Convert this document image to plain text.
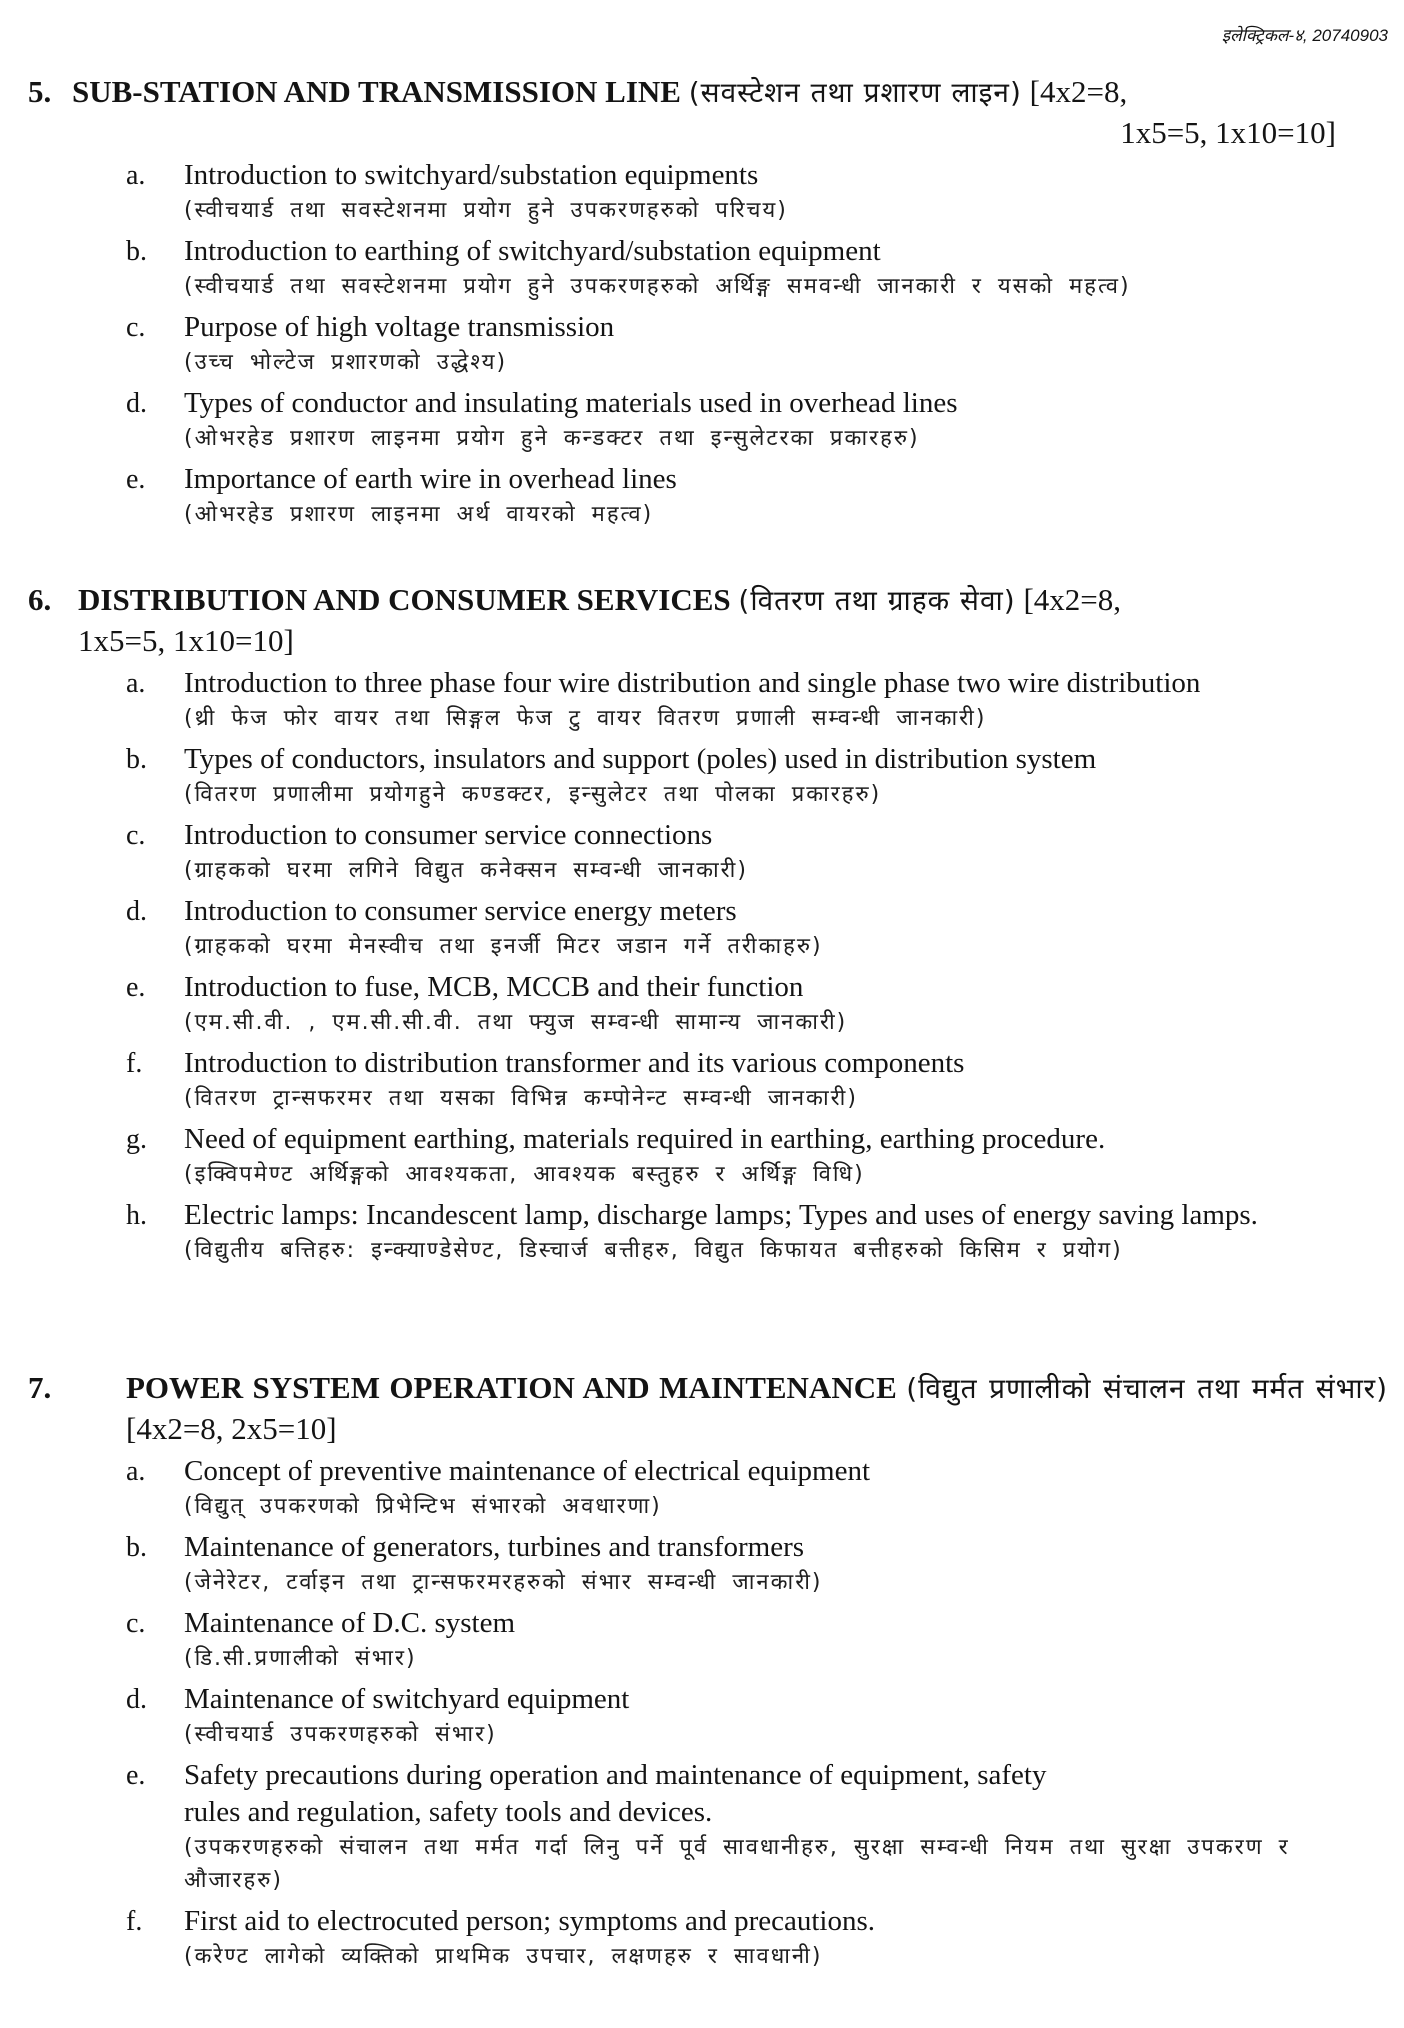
इलेक्ट्रिकल-४, 20740903
5. SUB-STATION AND TRANSMISSION LINE (सवस्टेशन तथा प्रशारण लाइन) [4x2=8,
1x5=5, 1x10=10]
a.	Introduction to switchyard/substation equipments
(स्वीचयार्ड तथा सवस्टेशनमा प्रयोग हुने उपकरणहरुको परिचय)
b.	Introduction to earthing of switchyard/substation equipment
(स्वीचयार्ड तथा सवस्टेशनमा प्रयोग हुने उपकरणहरुको अर्थिङ्ग समवन्धी जानकारी र यसको महत्व)
c.	Purpose of high voltage transmission
(उच्च भोल्टेज प्रशारणको उद्धेश्य)
d.	Types of conductor and insulating materials used in overhead lines
(ओभरहेड प्रशारण लाइनमा प्रयोग हुने कन्डक्टर तथा इन्सुलेटरका प्रकारहरु)
e.	Importance of earth wire in overhead lines
(ओभरहेड प्रशारण लाइनमा अर्थ वायरको महत्व)
6. DISTRIBUTION AND CONSUMER SERVICES (वितरण तथा ग्राहक सेवा) [4x2=8,
1x5=5, 1x10=10]
a.	Introduction to three phase four wire distribution and single phase two wire distribution
(थ्री फेज फोर वायर तथा सिङ्गल फेज टु वायर वितरण प्रणाली सम्वन्धी जानकारी)
b.	Types of conductors, insulators and support (poles) used in distribution system
(वितरण प्रणालीमा प्रयोगहुने कण्डक्टर, इन्सुलेटर तथा पोलका प्रकारहरु)
c.	Introduction to consumer service connections
(ग्राहकको घरमा लगिने विद्युत कनेक्सन सम्वन्धी जानकारी)
d.	Introduction to consumer service energy meters
(ग्राहकको घरमा मेनस्वीच तथा इनर्जी मिटर जडान गर्ने तरीकाहरु)
e.	Introduction to fuse, MCB, MCCB and their function
(एम.सी.वी. , एम.सी.सी.वी. तथा फ्युज सम्वन्धी सामान्य जानकारी)
f.	Introduction to distribution transformer and its various components
(वितरण ट्रान्सफरमर तथा यसका विभिन्न कम्पोनेन्ट सम्वन्धी जानकारी)
g.	Need of equipment earthing, materials required in earthing, earthing procedure.
(इक्विपमेण्ट अर्थिङ्गको आवश्यकता, आवश्यक बस्तुहरु र अर्थिङ्ग विधि)
h.	Electric lamps: Incandescent lamp, discharge lamps; Types and uses of energy saving lamps.
(विद्युतीय बत्तिहरु: इन्क्याण्डेसेण्ट, डिस्चार्ज बत्तीहरु, विद्युत किफायत बत्तीहरुको किसिम र प्रयोग)
7.	POWER SYSTEM OPERATION AND MAINTENANCE (विद्युत प्रणालीको संचालन तथा मर्मत संभार)[4x2=8, 2x5=10]
a.	Concept of preventive maintenance of electrical equipment
(विद्युत् उपकरणको प्रिभेन्टिभ संभारको अवधारणा)
b.	Maintenance of generators, turbines and transformers
(जेनेरेटर, टर्वाइन तथा ट्रान्सफरमरहरुको संभार सम्वन्धी जानकारी)
c.	Maintenance of D.C. system
(डि.सी.प्रणालीको संभार)
d.	Maintenance of switchyard equipment
(स्वीचयार्ड उपकरणहरुको संभार)
e.	Safety precautions during operation and maintenance of equipment, safety rules and regulation, safety tools and devices.
(उपकरणहरुको संचालन तथा मर्मत गर्दा लिनु पर्ने पूर्व सावधानीहरु, सुरक्षा सम्वन्धी नियम तथा सुरक्षा उपकरण र औजारहरु)
f.	First aid to electrocuted person; symptoms and precautions.
(करेण्ट लागेको व्यक्तिको प्राथमिक उपचार, लक्षणहरु र सावधानी)
